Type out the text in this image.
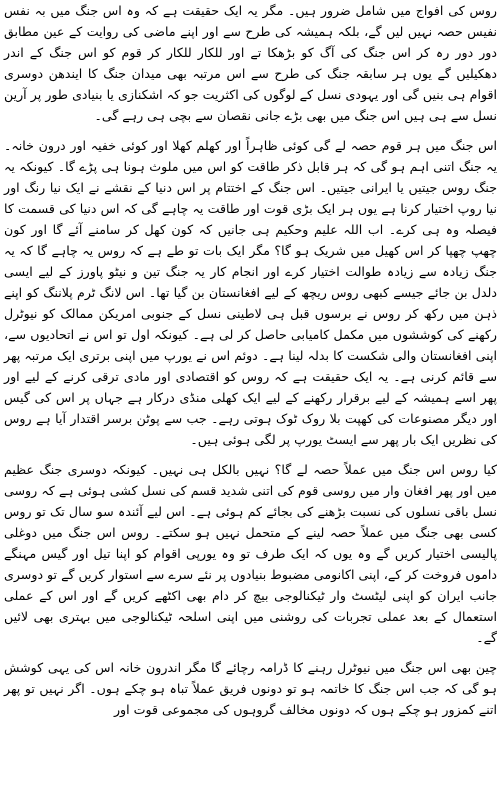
روس کی افواج میں شامل ضرور ہیں۔ مگر یہ ایک حقیقت ہے کہ وہ اس جنگ میں بہ نفس نفیس حصہ نہیں لیں گے، بلکہ ہمیشہ کی طرح سے اور اپنے ماضی کی روایت کے عین مطابق دور دور رہ کر اس جنگ کی آگ کو بڑھکا تے اور للکار للکار کر قوم کو اس جنگ کے اندر دھکیلیں گے یوں ہر سابقہ جنگ کی طرح سے اس مرتبہ بھی میدان جنگ کا ایندھن دوسری اقوام ہی بنیں گی اور یہودی نسل کے لوگوں کی اکثریت جو کہ اشکنازی یا بنیادی طور پر آرین نسل سے ہی ہیں اس جنگ میں بھی بڑے جانی نقصان سے بچی ہی رہے گی۔

اس جنگ میں ہر قوم حصہ لے گی کوئی ظاہراً اور کھلم کھلا اور کوئی خفیہ اور درون خانہ۔ یہ جنگ اتنی اہم ہو گی کہ ہر قابل ذکر طاقت کو اس میں ملوث ہونا ہی پڑے گا۔ کیونکہ یہ جنگ روس جیتیں یا ایرانی جیتیں۔ اس جنگ کے اختتام پر اس دنیا کے نقشے نے ایک نیا رنگ اور نیا روپ اختیار کرنا ہے یوں ہر ایک بڑی قوت اور طاقت یہ چاہے گی کہ اس دنیا کی قسمت کا فیصلہ وہ ہی کرے۔ اب اللہ علیم وحکیم ہی جانیں کہ کون کھل کر سامنے آئے گا اور کون چھپ چھپا کر اس کھیل میں شریک ہو گا؟ مگر ایک بات تو طے ہے کہ روس یہ چاہے گا کہ یہ جنگ زیادہ سے زیادہ طوالت اختیار کرے اور انجام کار یہ جنگ تین و نیٹو پاورز کے لیے ایسی دلدل بن جائے جیسے کبھی روس ریچھ کے لیے افغانستان بن گیا تھا۔ اس لانگ ٹرم پلاننگ کو اپنے ذہن میں رکھ کر روس نے برسوں قبل ہی لاطینی نسل کے جنوبی امریکن ممالک کو نیوٹرل رکھنے کی کوششوں میں مکمل کامیابی حاصل کر لی ہے۔ کیونکہ اول تو اس نے اتحادیوں سے، اپنی افغانستان والی شکست کا بدلہ لینا ہے۔ دوئم اس نے یورپ میں اپنی برتری ایک مرتبہ پھر سے قائم کرنی ہے۔ یہ ایک حقیقت ہے کہ روس کو اقتصادی اور مادی ترقی کرنے کے لیے اور پھر اسے ہمیشہ کے لیے برقرار رکھنے کے لیے ایک کھلی منڈی درکار ہے جہاں پر اس کی گیس اور دیگر مصنوعات کی کھپت بلا روک ٹوک ہوتی رہے۔ جب سے پوٹن برسر اقتدار آیا ہے روس کی نظریں ایک بار پھر سے ایسٹ یورپ پر لگی ہوئی ہیں۔

کیا روس اس جنگ میں عملاً حصہ لے گا؟ نہیں بالکل ہی نہیں۔ کیونکہ دوسری جنگ عظیم میں اور پھر افغان وار میں روسی قوم کی اتنی شدید قسم کی نسل کشی ہوئی ہے کہ روسی نسل باقی نسلوں کی نسبت بڑھنے کی بجائے کم ہوئی ہے۔ اس لیے آئندہ سو سال تک تو روس کسی بھی جنگ میں عملاً حصہ لینے کے متحمل نہیں ہو سکتے۔ روس اس جنگ میں دوغلی پالیسی اختیار کریں گے وہ یوں کہ ایک طرف تو وہ یورپی اقوام کو اپنا تیل اور گیس مہنگے داموں فروخت کر کے، اپنی اکانومی مضبوط بنیادوں پر نئے سرے سے استوار کریں گے تو دوسری جانب ایران کو اپنی لیٹسٹ وار ٹیکنالوجی بیچ کر دام بھی اکٹھے کریں گے اور اس کے عملی استعمال کے بعد عملی تجربات کی روشنی میں اپنی اسلحہ ٹیکنالوجی میں بہتری بھی لائیں گے۔

چین بھی اس جنگ میں نیوٹرل رہنے کا ڈرامہ رچائے گا مگر اندرون خانہ اس کی یہی کوشش ہو گی کہ جب اس جنگ کا خاتمہ ہو تو دونوں فریق عملاً تباہ ہو چکے ہوں۔ اگر نہیں تو پھر اتنے کمزور ہو چکے ہوں کہ دونوں مخالف گروہوں کی مجموعی قوت اور
